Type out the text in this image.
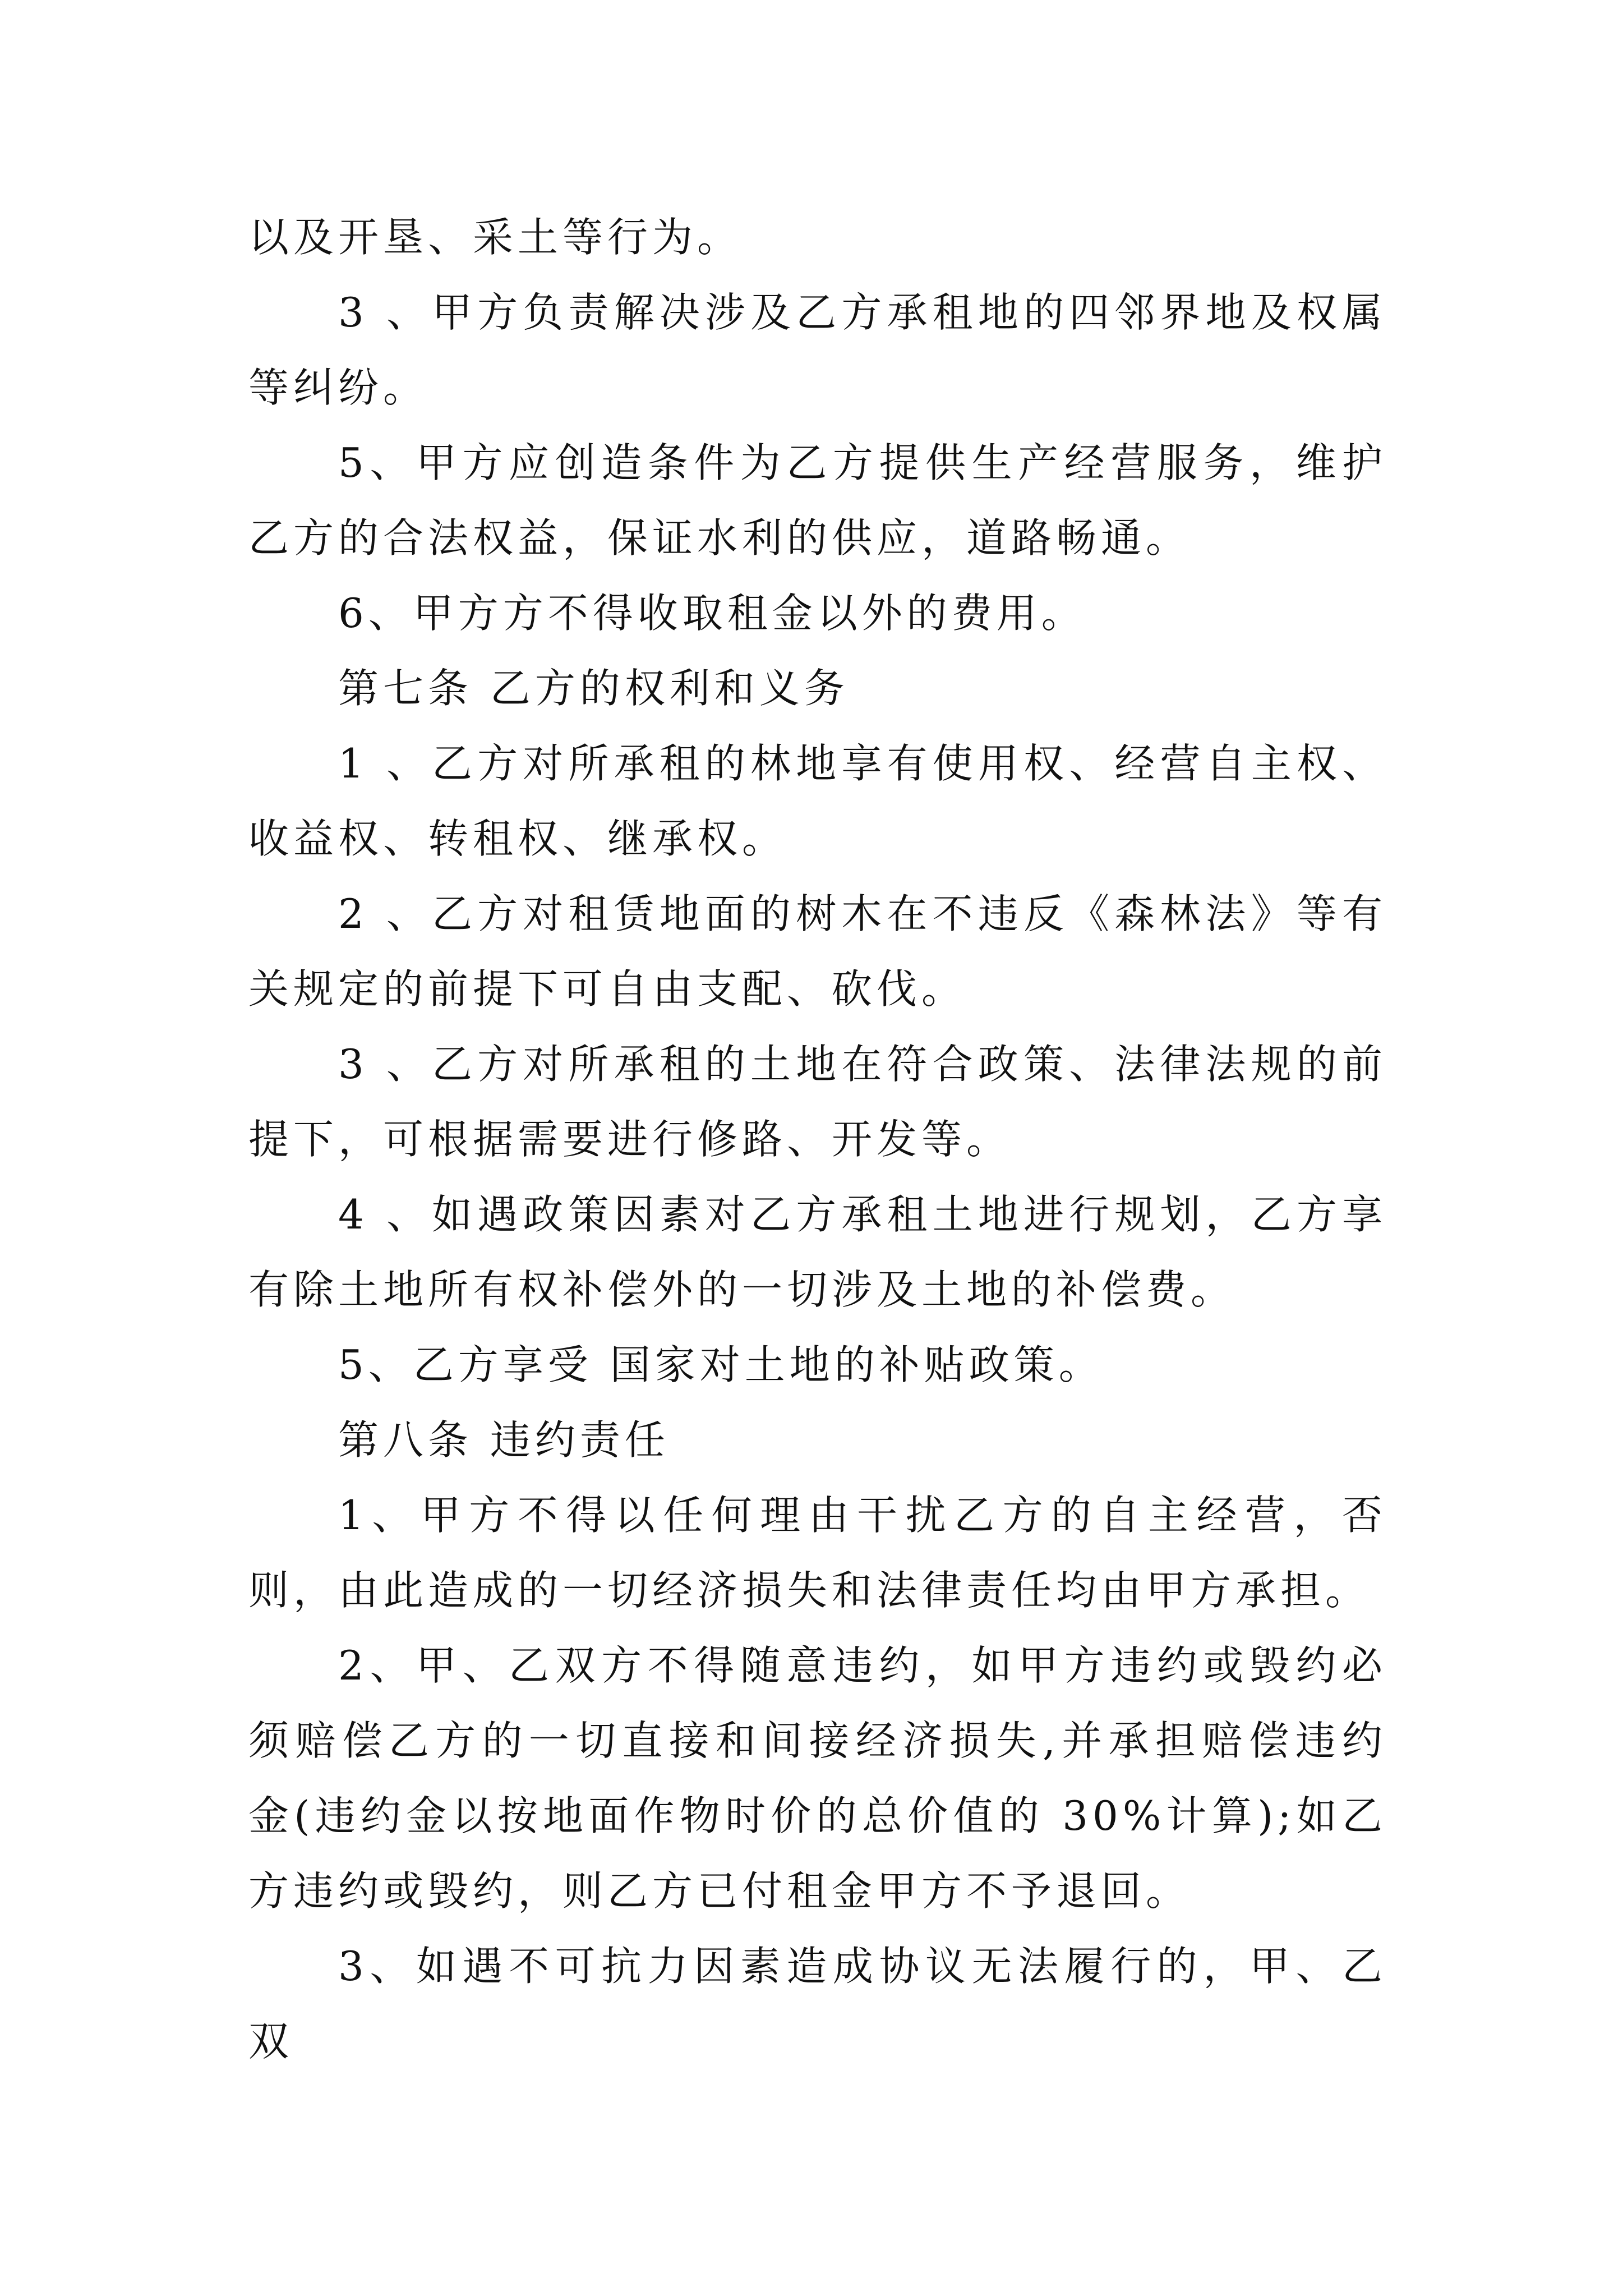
以及开垦、采土等行为。

3 、甲方负责解决涉及乙方承租地的四邻界地及权属等纠纷。

5、甲方应创造条件为乙方提供生产经营服务，维护乙方的合法权益，保证水利的供应，道路畅通。

6、甲方方不得收取租金以外的费用。

第七条 乙方的权利和义务

1 、乙方对所承租的林地享有使用权、经营自主权、收益权、转租权、继承权。

2 、乙方对租赁地面的树木在不违反《森林法》等有关规定的前提下可自由支配、砍伐。

3 、乙方对所承租的土地在符合政策、法律法规的前提下，可根据需要进行修路、开发等。

4 、如遇政策因素对乙方承租土地进行规划，乙方享有除土地所有权补偿外的一切涉及土地的补偿费。

5、乙方享受 国家对土地的补贴政策。

第八条 违约责任

1、甲方不得以任何理由干扰乙方的自主经营，否则，由此造成的一切经济损失和法律责任均由甲方承担。

2、甲、乙双方不得随意违约，如甲方违约或毁约必须赔偿乙方的一切直接和间接经济损失,并承担赔偿违约金(违约金以按地面作物时价的总价值的 30%计算);如乙方违约或毁约，则乙方已付租金甲方不予退回。

3、如遇不可抗力因素造成协议无法履行的，甲、乙双
